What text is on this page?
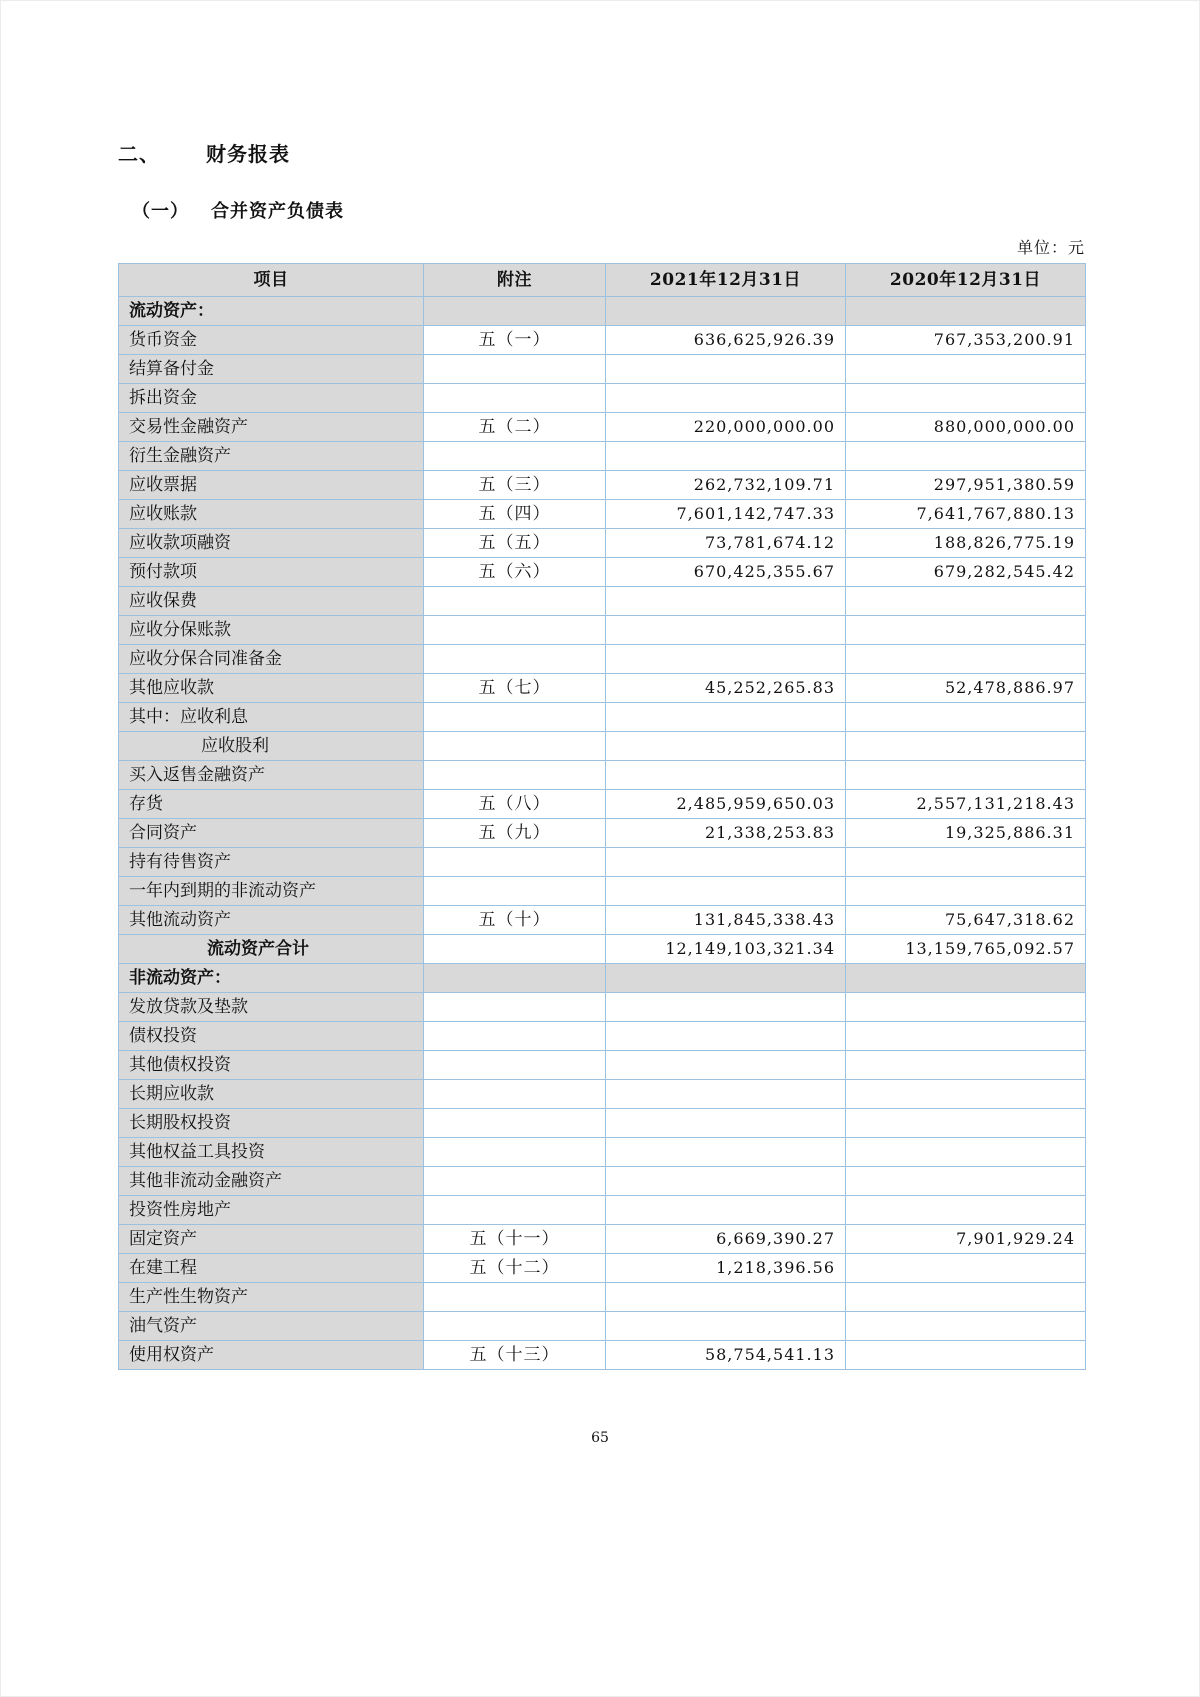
二、 财务报表
（一） 合并资产负债表
单位：元
项目	附注	2021年12月31日	2020年12月31日
流动资产：			
货币资金	五（一）	636,625,926.39	767,353,200.91
结算备付金			
拆出资金			
交易性金融资产	五（二）	220,000,000.00	880,000,000.00
衍生金融资产			
应收票据	五（三）	262,732,109.71	297,951,380.59
应收账款	五（四）	7,601,142,747.33	7,641,767,880.13
应收款项融资	五（五）	73,781,674.12	188,826,775.19
预付款项	五（六）	670,425,355.67	679,282,545.42
应收保费			
应收分保账款			
应收分保合同准备金			
其他应收款	五（七）	45,252,265.83	52,478,886.97
其中：应收利息			
应收股利			
买入返售金融资产			
存货	五（八）	2,485,959,650.03	2,557,131,218.43
合同资产	五（九）	21,338,253.83	19,325,886.31
持有待售资产			
一年内到期的非流动资产			
其他流动资产	五（十）	131,845,338.43	75,647,318.62
流动资产合计		12,149,103,321.34	13,159,765,092.57
非流动资产：			
发放贷款及垫款			
债权投资			
其他债权投资			
长期应收款			
长期股权投资			
其他权益工具投资			
其他非流动金融资产			
投资性房地产			
固定资产	五（十一）	6,669,390.27	7,901,929.24
在建工程	五（十二）	1,218,396.56	
生产性生物资产			
油气资产			
使用权资产	五（十三）	58,754,541.13	
65
